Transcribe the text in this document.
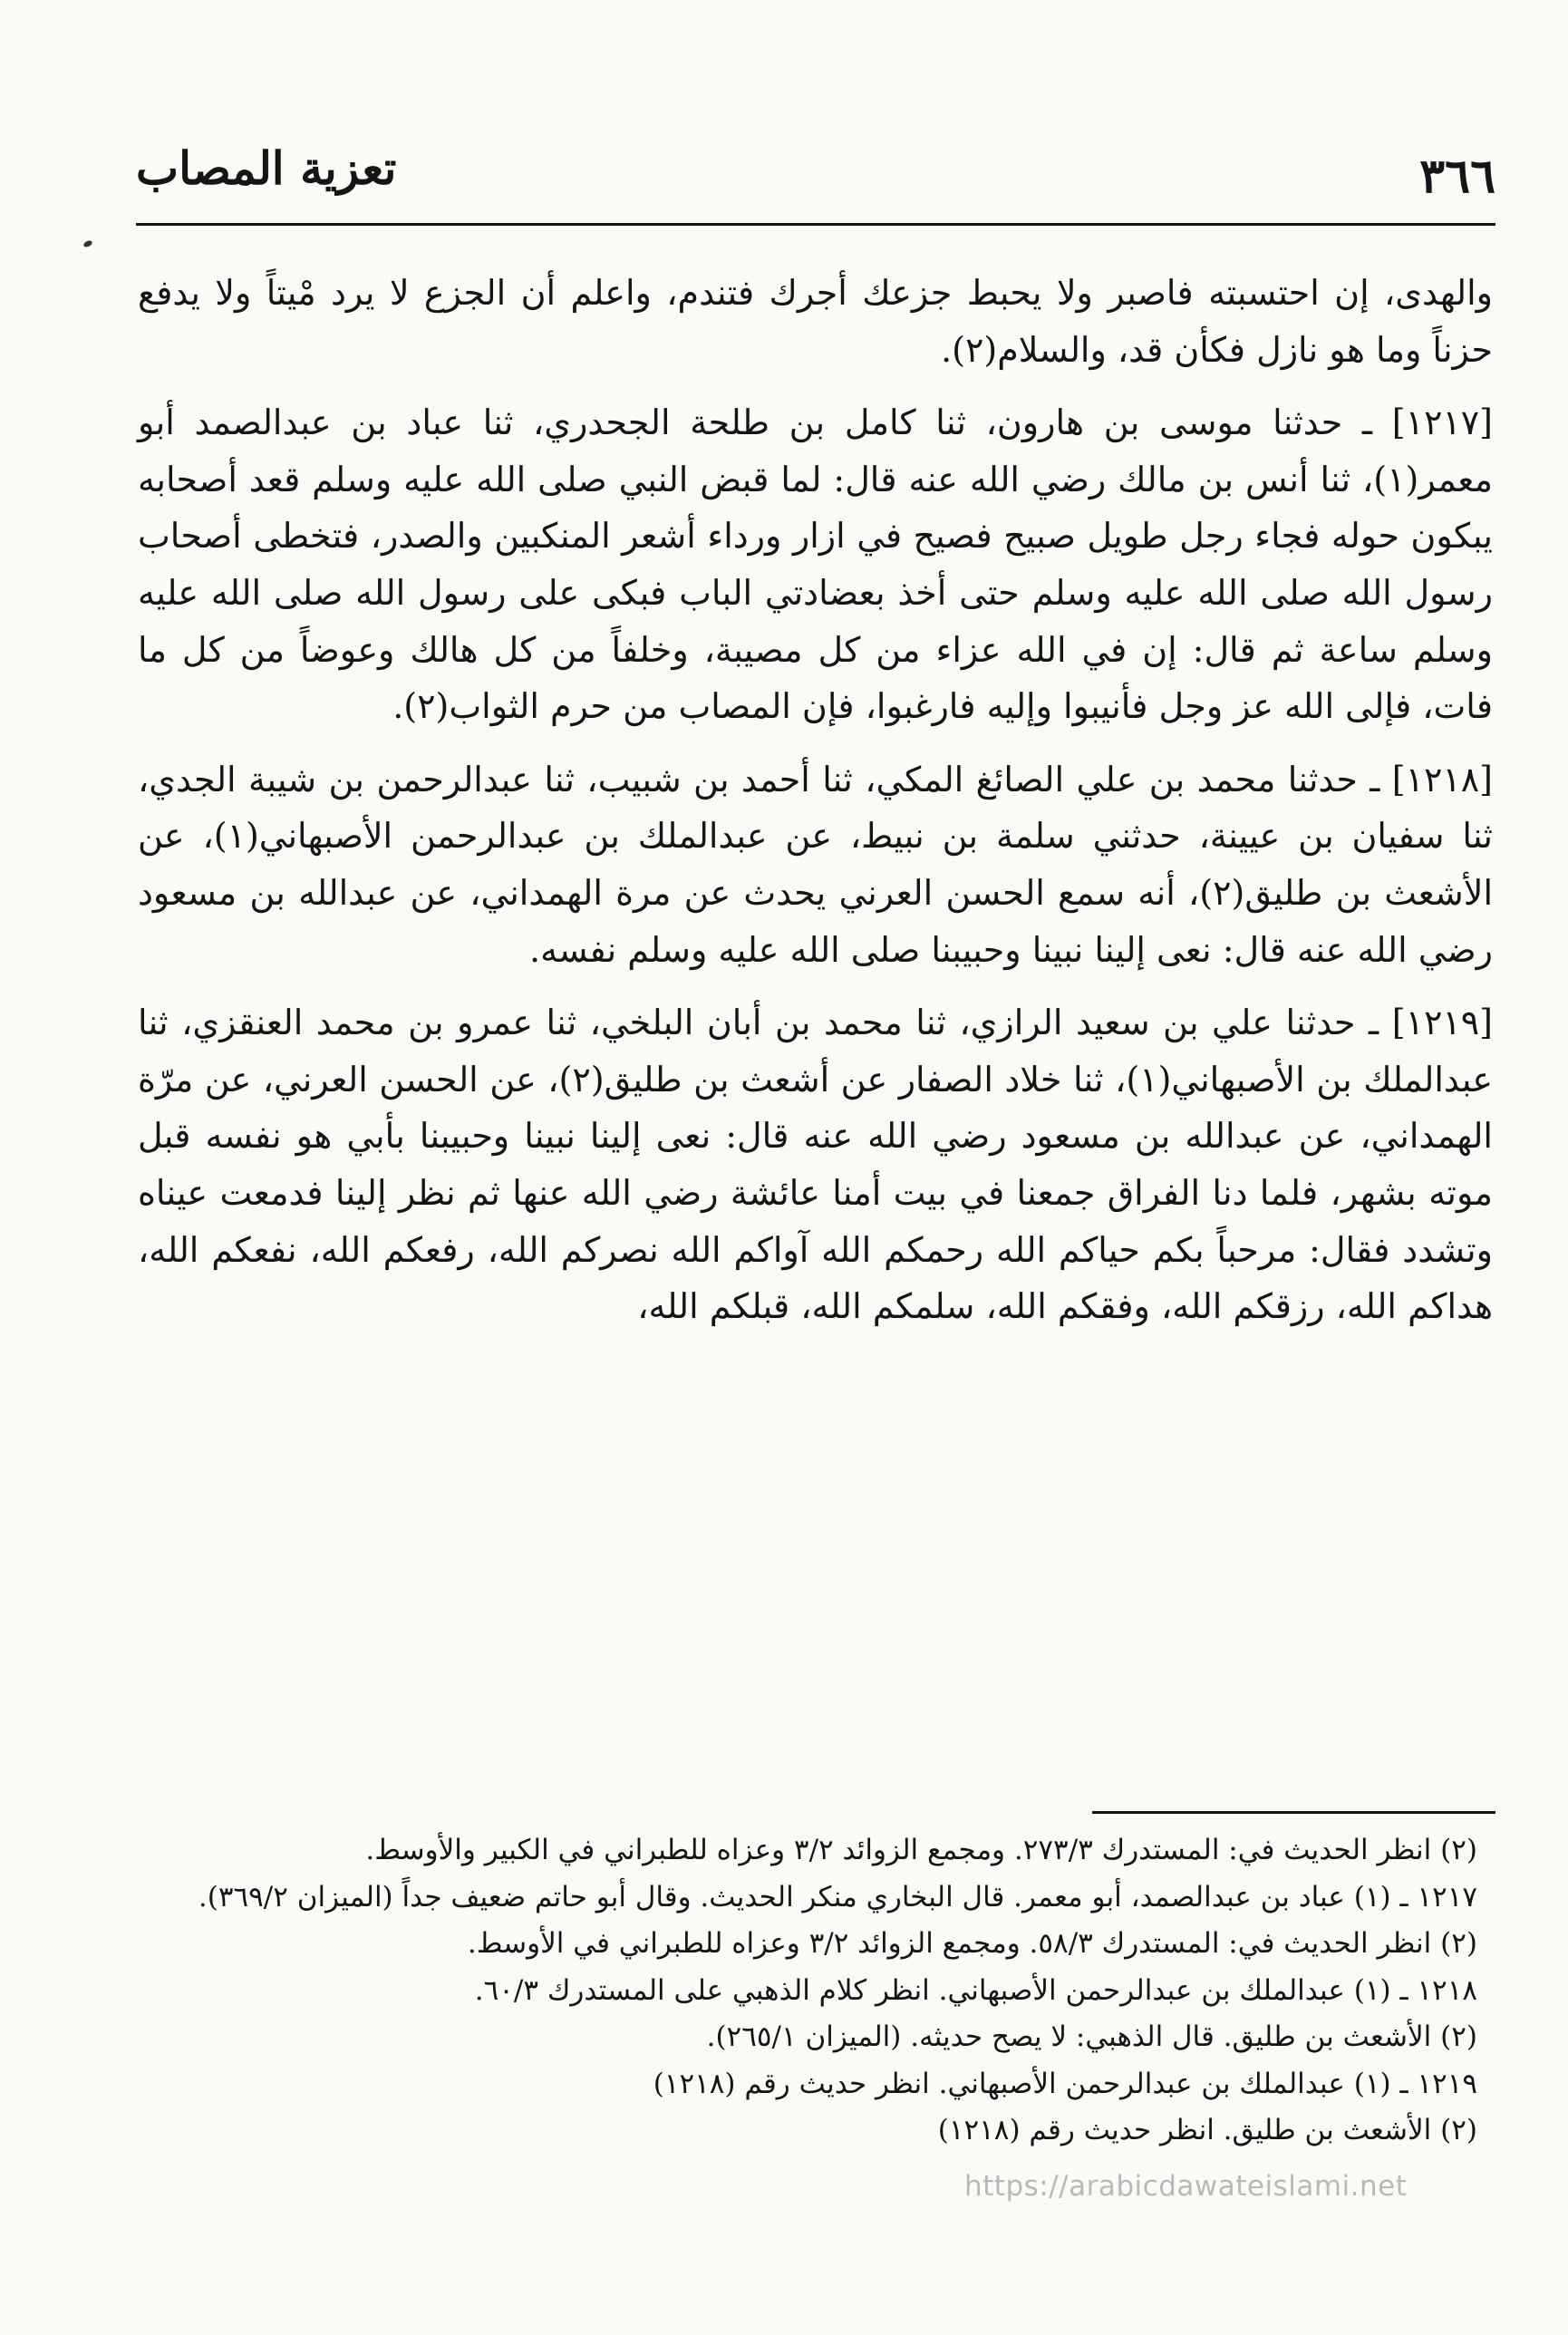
تعزية المصاب	٣٦٦

والهدى، إن احتسبته فاصبر ولا يحبط جزعك أجرك فتندم، واعلم أن الجزع لا يرد مْيتاً ولا يدفع حزناً وما هو نازل فكأن قد، والسلام(٢).

[١٢١٧] ـ حدثنا موسى بن هارون، ثنا كامل بن طلحة الجحدري، ثنا عباد بن عبدالصمد أبو معمر(١)، ثنا أنس بن مالك رضي الله عنه قال: لما قبض النبي صلى الله عليه وسلم قعد أصحابه يبكون حوله فجاء رجل طويل صبيح فصيح في ازار ورداء أشعر المنكبين والصدر، فتخطى أصحاب رسول الله صلى الله عليه وسلم حتى أخذ بعضادتي الباب فبكى على رسول الله صلى الله عليه وسلم ساعة ثم قال: إن في الله عزاء من كل مصيبة، وخلفاً من كل هالك وعوضاً من كل ما فات، فإلى الله عز وجل فأنيبوا وإليه فارغبوا، فإن المصاب من حرم الثواب(٢).

[١٢١٨] ـ حدثنا محمد بن علي الصائغ المكي، ثنا أحمد بن شبيب، ثنا عبدالرحمن بن شيبة الجدي، ثنا سفيان بن عيينة، حدثني سلمة بن نبيط، عن عبدالملك بن عبدالرحمن الأصبهاني(١)، عن الأشعث بن طليق(٢)، أنه سمع الحسن العرني يحدث عن مرة الهمداني، عن عبدالله بن مسعود رضي الله عنه قال: نعى إلينا نبينا وحبيبنا صلى الله عليه وسلم نفسه.

[١٢١٩] ـ حدثنا علي بن سعيد الرازي، ثنا محمد بن أبان البلخي، ثنا عمرو بن محمد العنقزي، ثنا عبدالملك بن الأصبهاني(١)، ثنا خلاد الصفار عن أشعث بن طليق(٢)، عن الحسن العرني، عن مرّة الهمداني، عن عبدالله بن مسعود رضي الله عنه قال: نعى إلينا نبينا وحبيبنا بأبي هو نفسه قبل موته بشهر، فلما دنا الفراق جمعنا في بيت أمنا عائشة رضي الله عنها ثم نظر إلينا فدمعت عيناه وتشدد فقال: مرحباً بكم حياكم الله رحمكم الله آواكم الله نصركم الله، رفعكم الله، نفعكم الله، هداكم الله، رزقكم الله، وفقكم الله، سلمكم الله، قبلكم الله،

(٢) انظر الحديث في: المستدرك ٢٧٣/٣. ومجمع الزوائد ٣/٢ وعزاه للطبراني في الكبير والأوسط.

١٢١٧ ـ (١) عباد بن عبدالصمد، أبو معمر. قال البخاري منكر الحديث. وقال أبو حاتم ضعيف جداً (الميزان ٣٦٩/٢).

(٢) انظر الحديث في: المستدرك ٥٨/٣. ومجمع الزوائد ٣/٢ وعزاه للطبراني في الأوسط.

١٢١٨ ـ (١) عبدالملك بن عبدالرحمن الأصبهاني. انظر كلام الذهبي على المستدرك ٦٠/٣.

(٢) الأشعث بن طليق. قال الذهبي: لا يصح حديثه. (الميزان ٢٦٥/١).

١٢١٩ ـ (١) عبدالملك بن عبدالرحمن الأصبهاني. انظر حديث رقم (١٢١٨)

(٢) الأشعث بن طليق. انظر حديث رقم (١٢١٨)

https://arabicdawateislami.net
